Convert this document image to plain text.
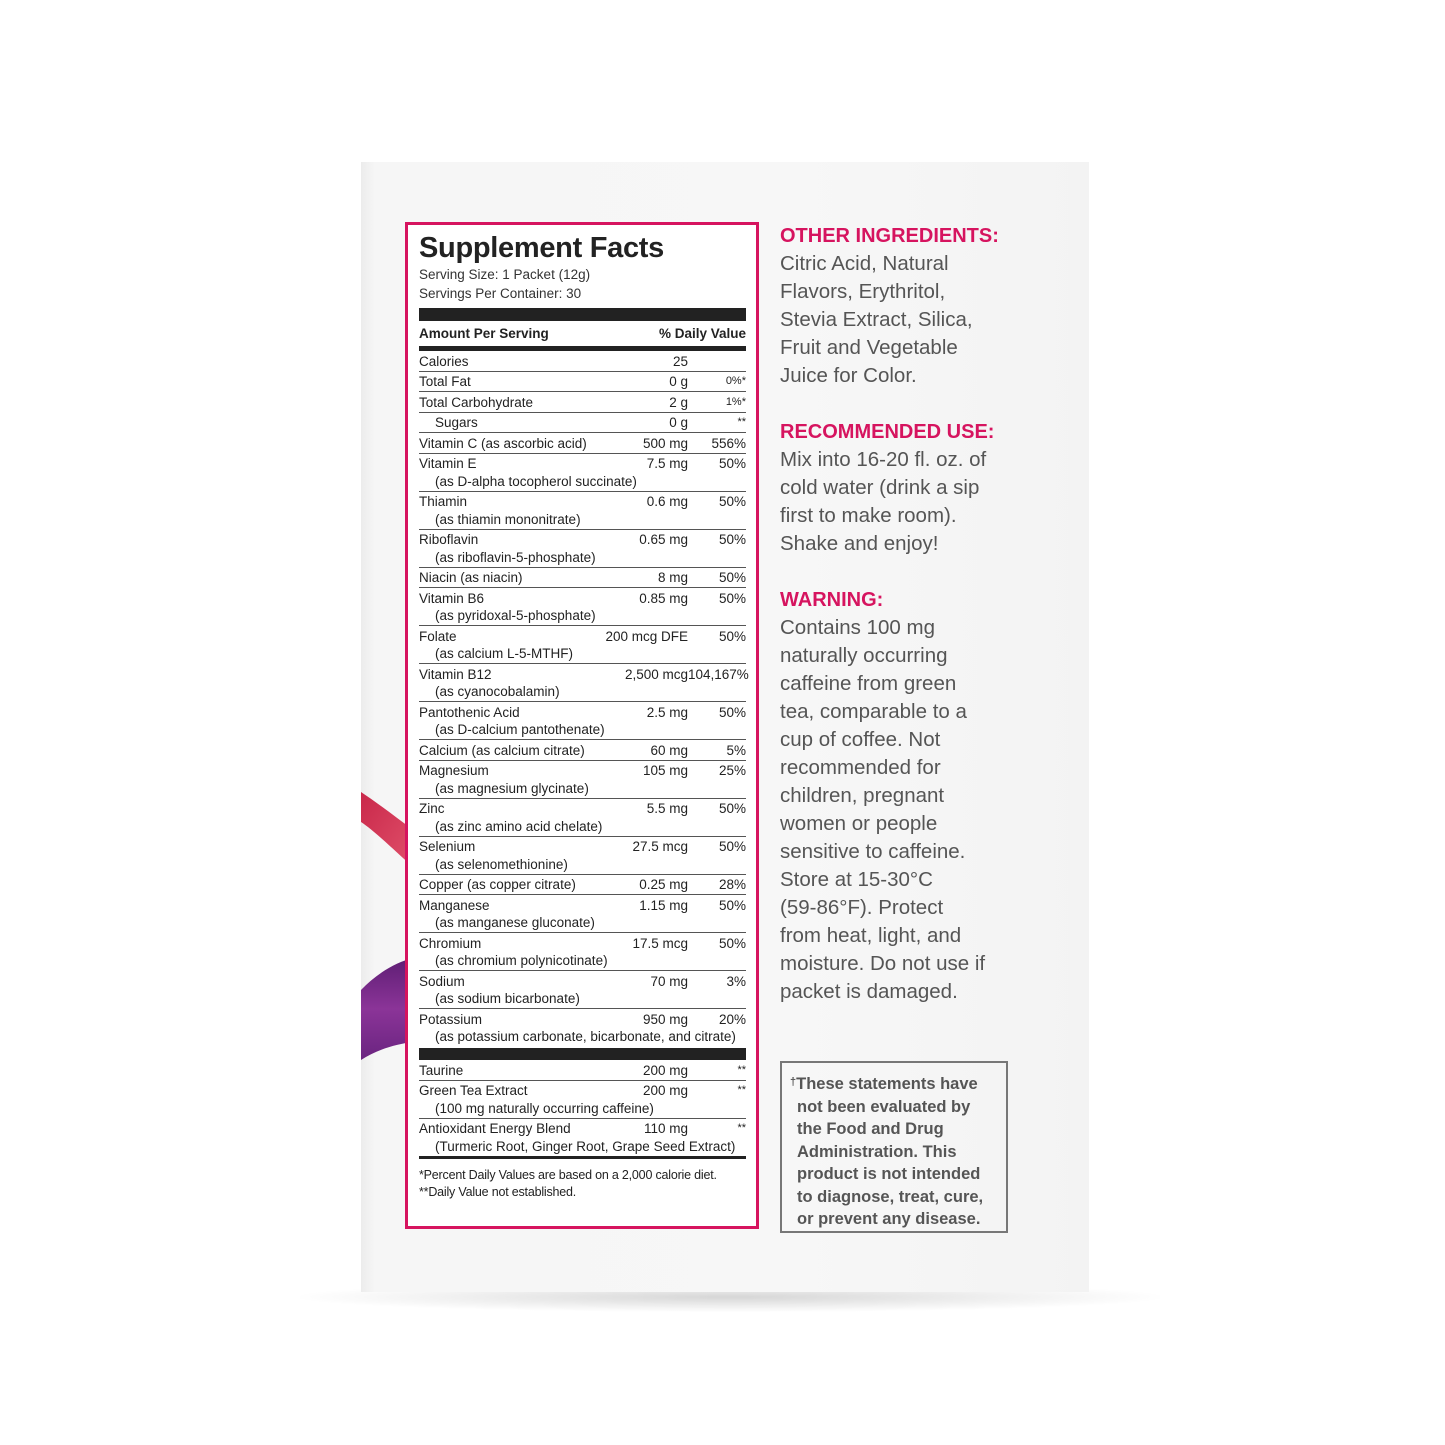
Supplement Facts
Serving Size: 1 Packet (12g)
Servings Per Container: 30
Amount Per Serving	% Daily Value
Calories	25
Total Fat	0 g	0%*
Total Carbohydrate	2 g	1%*
Sugars	0 g	**
Vitamin C (as ascorbic acid)	500 mg	556%
Vitamin E	7.5 mg	50%
(as D-alpha tocopherol succinate)
Thiamin	0.6 mg	50%
(as thiamin mononitrate)
Riboflavin	0.65 mg	50%
(as riboflavin-5-phosphate)
Niacin (as niacin)	8 mg	50%
Vitamin B6	0.85 mg	50%
(as pyridoxal-5-phosphate)
Folate	200 mcg DFE	50%
(as calcium L-5-MTHF)
Vitamin B12	2,500 mcg 104,167%
(as cyanocobalamin)
Pantothenic Acid	2.5 mg	50%
(as D-calcium pantothenate)
Calcium (as calcium citrate)	60 mg	5%
Magnesium	105 mg	25%
(as magnesium glycinate)
Zinc	5.5 mg	50%
(as zinc amino acid chelate)
Selenium	27.5 mcg	50%
(as selenomethionine)
Copper (as copper citrate)	0.25 mg	28%
Manganese	1.15 mg	50%
(as manganese gluconate)
Chromium	17.5 mcg	50%
(as chromium polynicotinate)
Sodium	70 mg	3%
(as sodium bicarbonate)
Potassium	950 mg	20%
(as potassium carbonate, bicarbonate, and citrate)
Taurine	200 mg	**
Green Tea Extract	200 mg	**
(100 mg naturally occurring caffeine)
Antioxidant Energy Blend	110 mg	**
(Turmeric Root, Ginger Root, Grape Seed Extract)
*Percent Daily Values are based on a 2,000 calorie diet.
**Daily Value not established.

OTHER INGREDIENTS:

Citric Acid, Natural
Flavors, Erythritol,
Stevia Extract, Silica,
Fruit and Vegetable
Juice for Color.

RECOMMENDED USE:

Mix into 16-20 fl. oz. of
cold water (drink a sip
first to make room).
Shake and enjoy!

WARNING:

Contains 100 mg
naturally occurring
caffeine from green
tea, comparable to a
cup of coffee. Not
recommended for
children, pregnant
women or people
sensitive to caffeine.
Store at 15-30°C
(59-86°F). Protect
from heat, light, and
moisture. Do not use if
packet is damaged.
†These statements have
not been evaluated by
the Food and Drug
Administration. This
product is not intended
to diagnose, treat, cure,
or prevent any disease.
